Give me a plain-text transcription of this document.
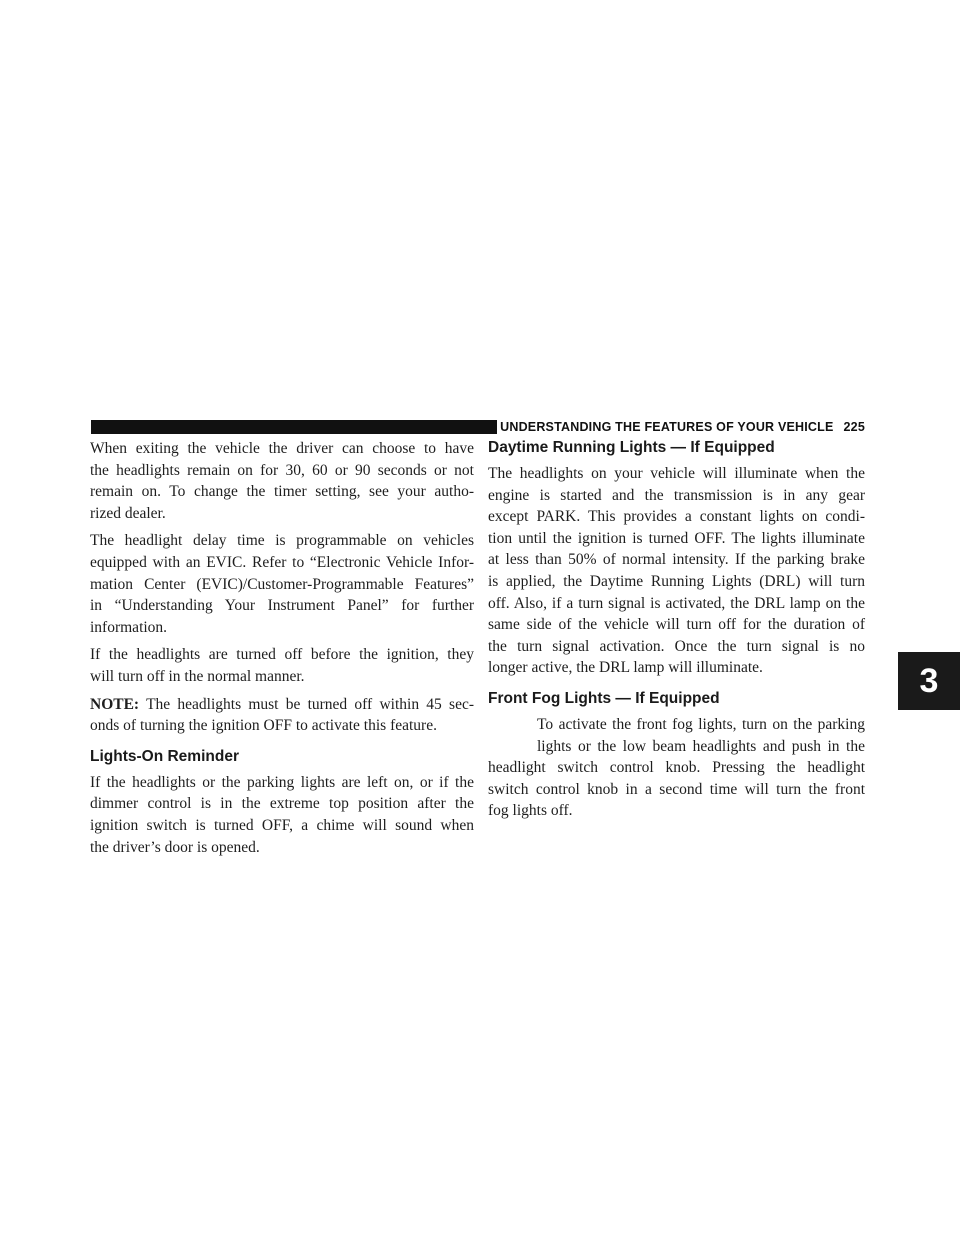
UNDERSTANDING THE FEATURES OF YOUR VEHICLE 225
3

When exiting the vehicle the driver can choose to have
the headlights remain on for 30, 60 or 90 seconds or not
remain on. To change the timer setting, see your autho-
rized dealer.

The headlight delay time is programmable on vehicles
equipped with an EVIC. Refer to “Electronic Vehicle Infor-
mation Center (EVIC)/Customer-Programmable Features”
in “Understanding Your Instrument Panel” for further
information.

If the headlights are turned off before the ignition, they
will turn off in the normal manner.

NOTE: The headlights must be turned off within 45 sec-
onds of turning the ignition OFF to activate this feature.

Lights-On Reminder

If the headlights or the parking lights are left on, or if the
dimmer control is in the extreme top position after the
ignition switch is turned OFF, a chime will sound when
the driver’s door is opened.

Daytime Running Lights — If Equipped

The headlights on your vehicle will illuminate when the
engine is started and the transmission is in any gear
except PARK. This provides a constant lights on condi-
tion until the ignition is turned OFF. The lights illuminate
at less than 50% of normal intensity. If the parking brake
is applied, the Daytime Running Lights (DRL) will turn
off. Also, if a turn signal is activated, the DRL lamp on the
same side of the vehicle will turn off for the duration of
the turn signal activation. Once the turn signal is no
longer active, the DRL lamp will illuminate.

Front Fog Lights — If Equipped

To activate the front fog lights, turn on the parking
lights or the low beam headlights and push in the
headlight switch control knob. Pressing the headlight
switch control knob in a second time will turn the front
fog lights off.
